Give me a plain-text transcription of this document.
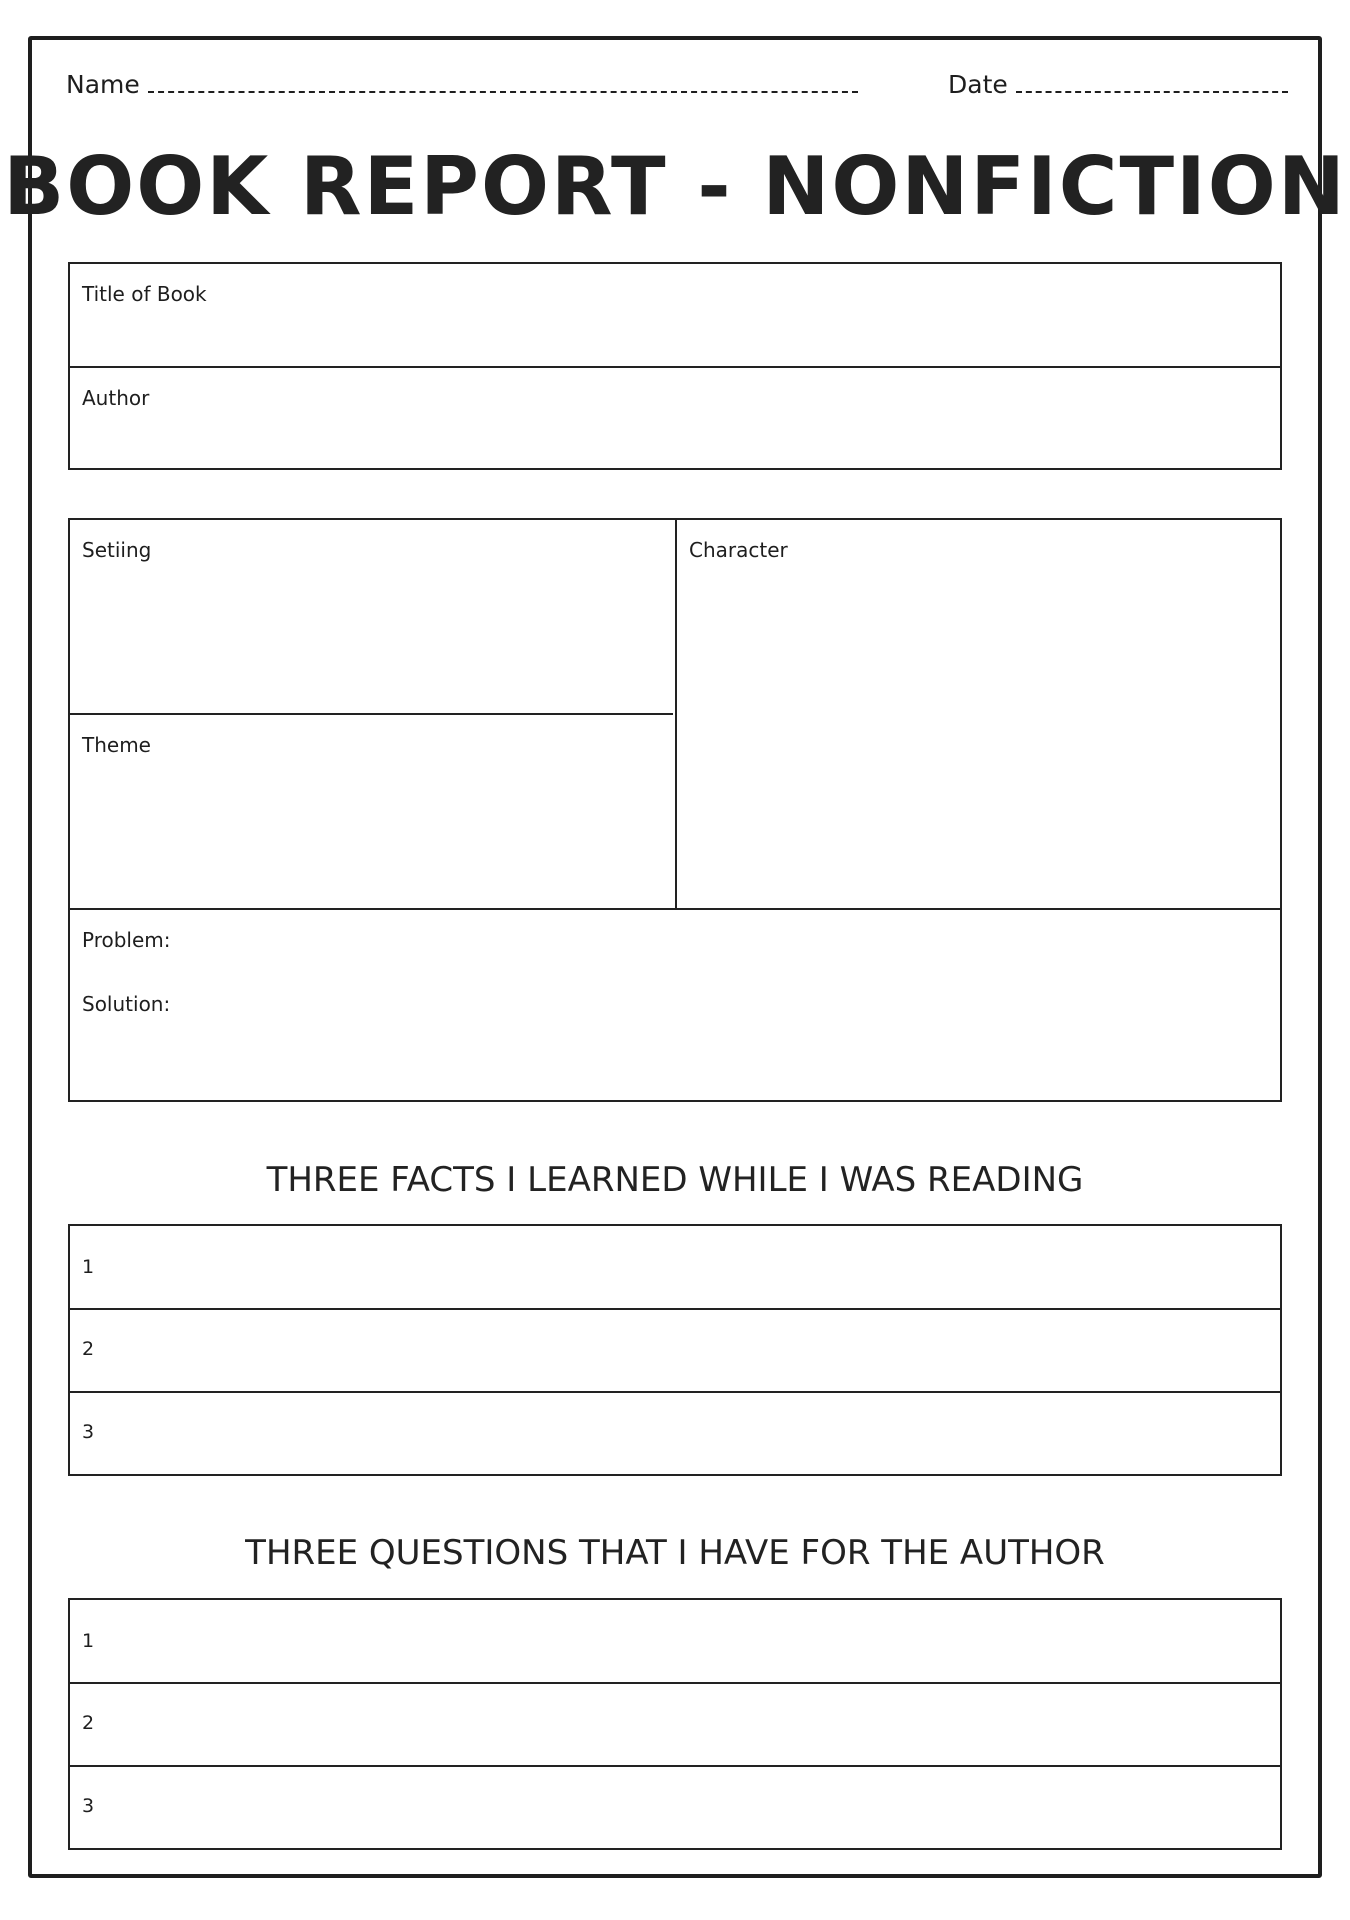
Name	Date
BOOK REPORT - NONFICTION
Title of Book
Author
Setiing	Character
Theme
Problem:
Solution:
THREE FACTS I LEARNED WHILE I WAS READING
1
2
3
THREE QUESTIONS THAT I HAVE FOR THE AUTHOR
1
2
3
